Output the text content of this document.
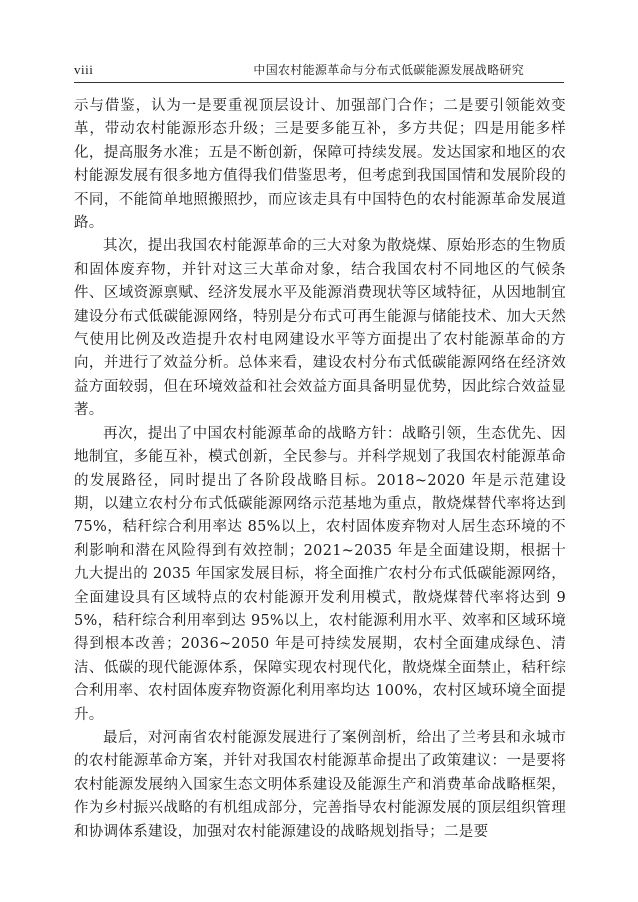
viii	中国农村能源革命与分布式低碳能源发展战略研究

示与借鉴，认为一是要重视顶层设计、加强部门合作；二是要引领能效变革，带动农村能源形态升级；三是要多能互补，多方共促；四是用能多样化，提高服务水准；五是不断创新，保障可持续发展。发达国家和地区的农村能源发展有很多地方值得我们借鉴思考，但考虑到我国国情和发展阶段的不同，不能简单地照搬照抄，而应该走具有中国特色的农村能源革命发展道路。

其次，提出我国农村能源革命的三大对象为散烧煤、原始形态的生物质和固体废弃物，并针对这三大革命对象，结合我国农村不同地区的气候条件、区域资源禀赋、经济发展水平及能源消费现状等区域特征，从因地制宜建设分布式低碳能源网络，特别是分布式可再生能源与储能技术、加大天然气使用比例及改造提升农村电网建设水平等方面提出了农村能源革命的方向，并进行了效益分析。总体来看，建设农村分布式低碳能源网络在经济效益方面较弱，但在环境效益和社会效益方面具备明显优势，因此综合效益显著。

再次，提出了中国农村能源革命的战略方针：战略引领，生态优先、因地制宜，多能互补，模式创新，全民参与。并科学规划了我国农村能源革命的发展路径，同时提出了各阶段战略目标。2018~2020 年是示范建设期，以建立农村分布式低碳能源网络示范基地为重点，散烧煤替代率将达到 75%，秸秆综合利用率达 85%以上，农村固体废弃物对人居生态环境的不利影响和潜在风险得到有效控制；2021~2035 年是全面建设期，根据十九大提出的 2035 年国家发展目标，将全面推广农村分布式低碳能源网络，全面建设具有区域特点的农村能源开发利用模式，散烧煤替代率将达到 95%，秸秆综合利用率到达 95%以上，农村能源利用水平、效率和区域环境得到根本改善；2036~2050 年是可持续发展期，农村全面建成绿色、清洁、低碳的现代能源体系，保障实现农村现代化，散烧煤全面禁止，秸秆综合利用率、农村固体废弃物资源化利用率均达 100%，农村区域环境全面提升。

最后，对河南省农村能源发展进行了案例剖析，给出了兰考县和永城市的农村能源革命方案，并针对我国农村能源革命提出了政策建议：一是要将农村能源发展纳入国家生态文明体系建设及能源生产和消费革命战略框架，作为乡村振兴战略的有机组成部分，完善指导农村能源发展的顶层组织管理和协调体系建设，加强对农村能源建设的战略规划指导；二是要
